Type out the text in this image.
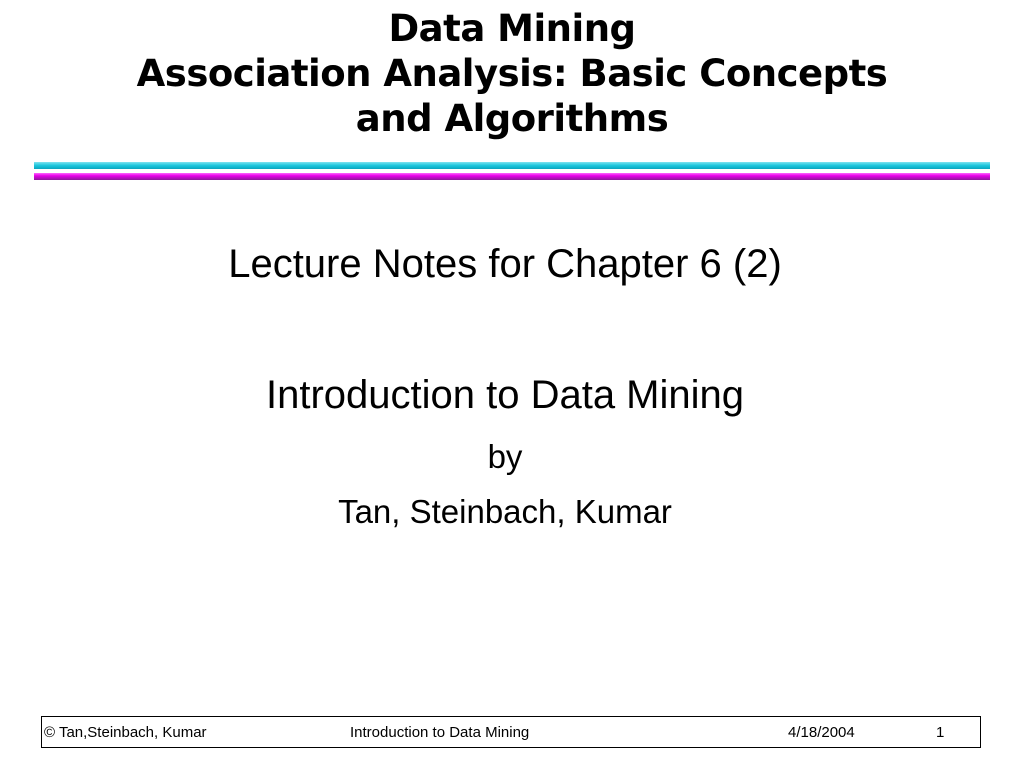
Data Mining
Association Analysis: Basic Concepts
and Algorithms
Lecture Notes for Chapter 6 (2)
Introduction to Data Mining
by
Tan, Steinbach, Kumar
© Tan,Steinbach, Kumar	Introduction to Data Mining	4/18/2004	1
